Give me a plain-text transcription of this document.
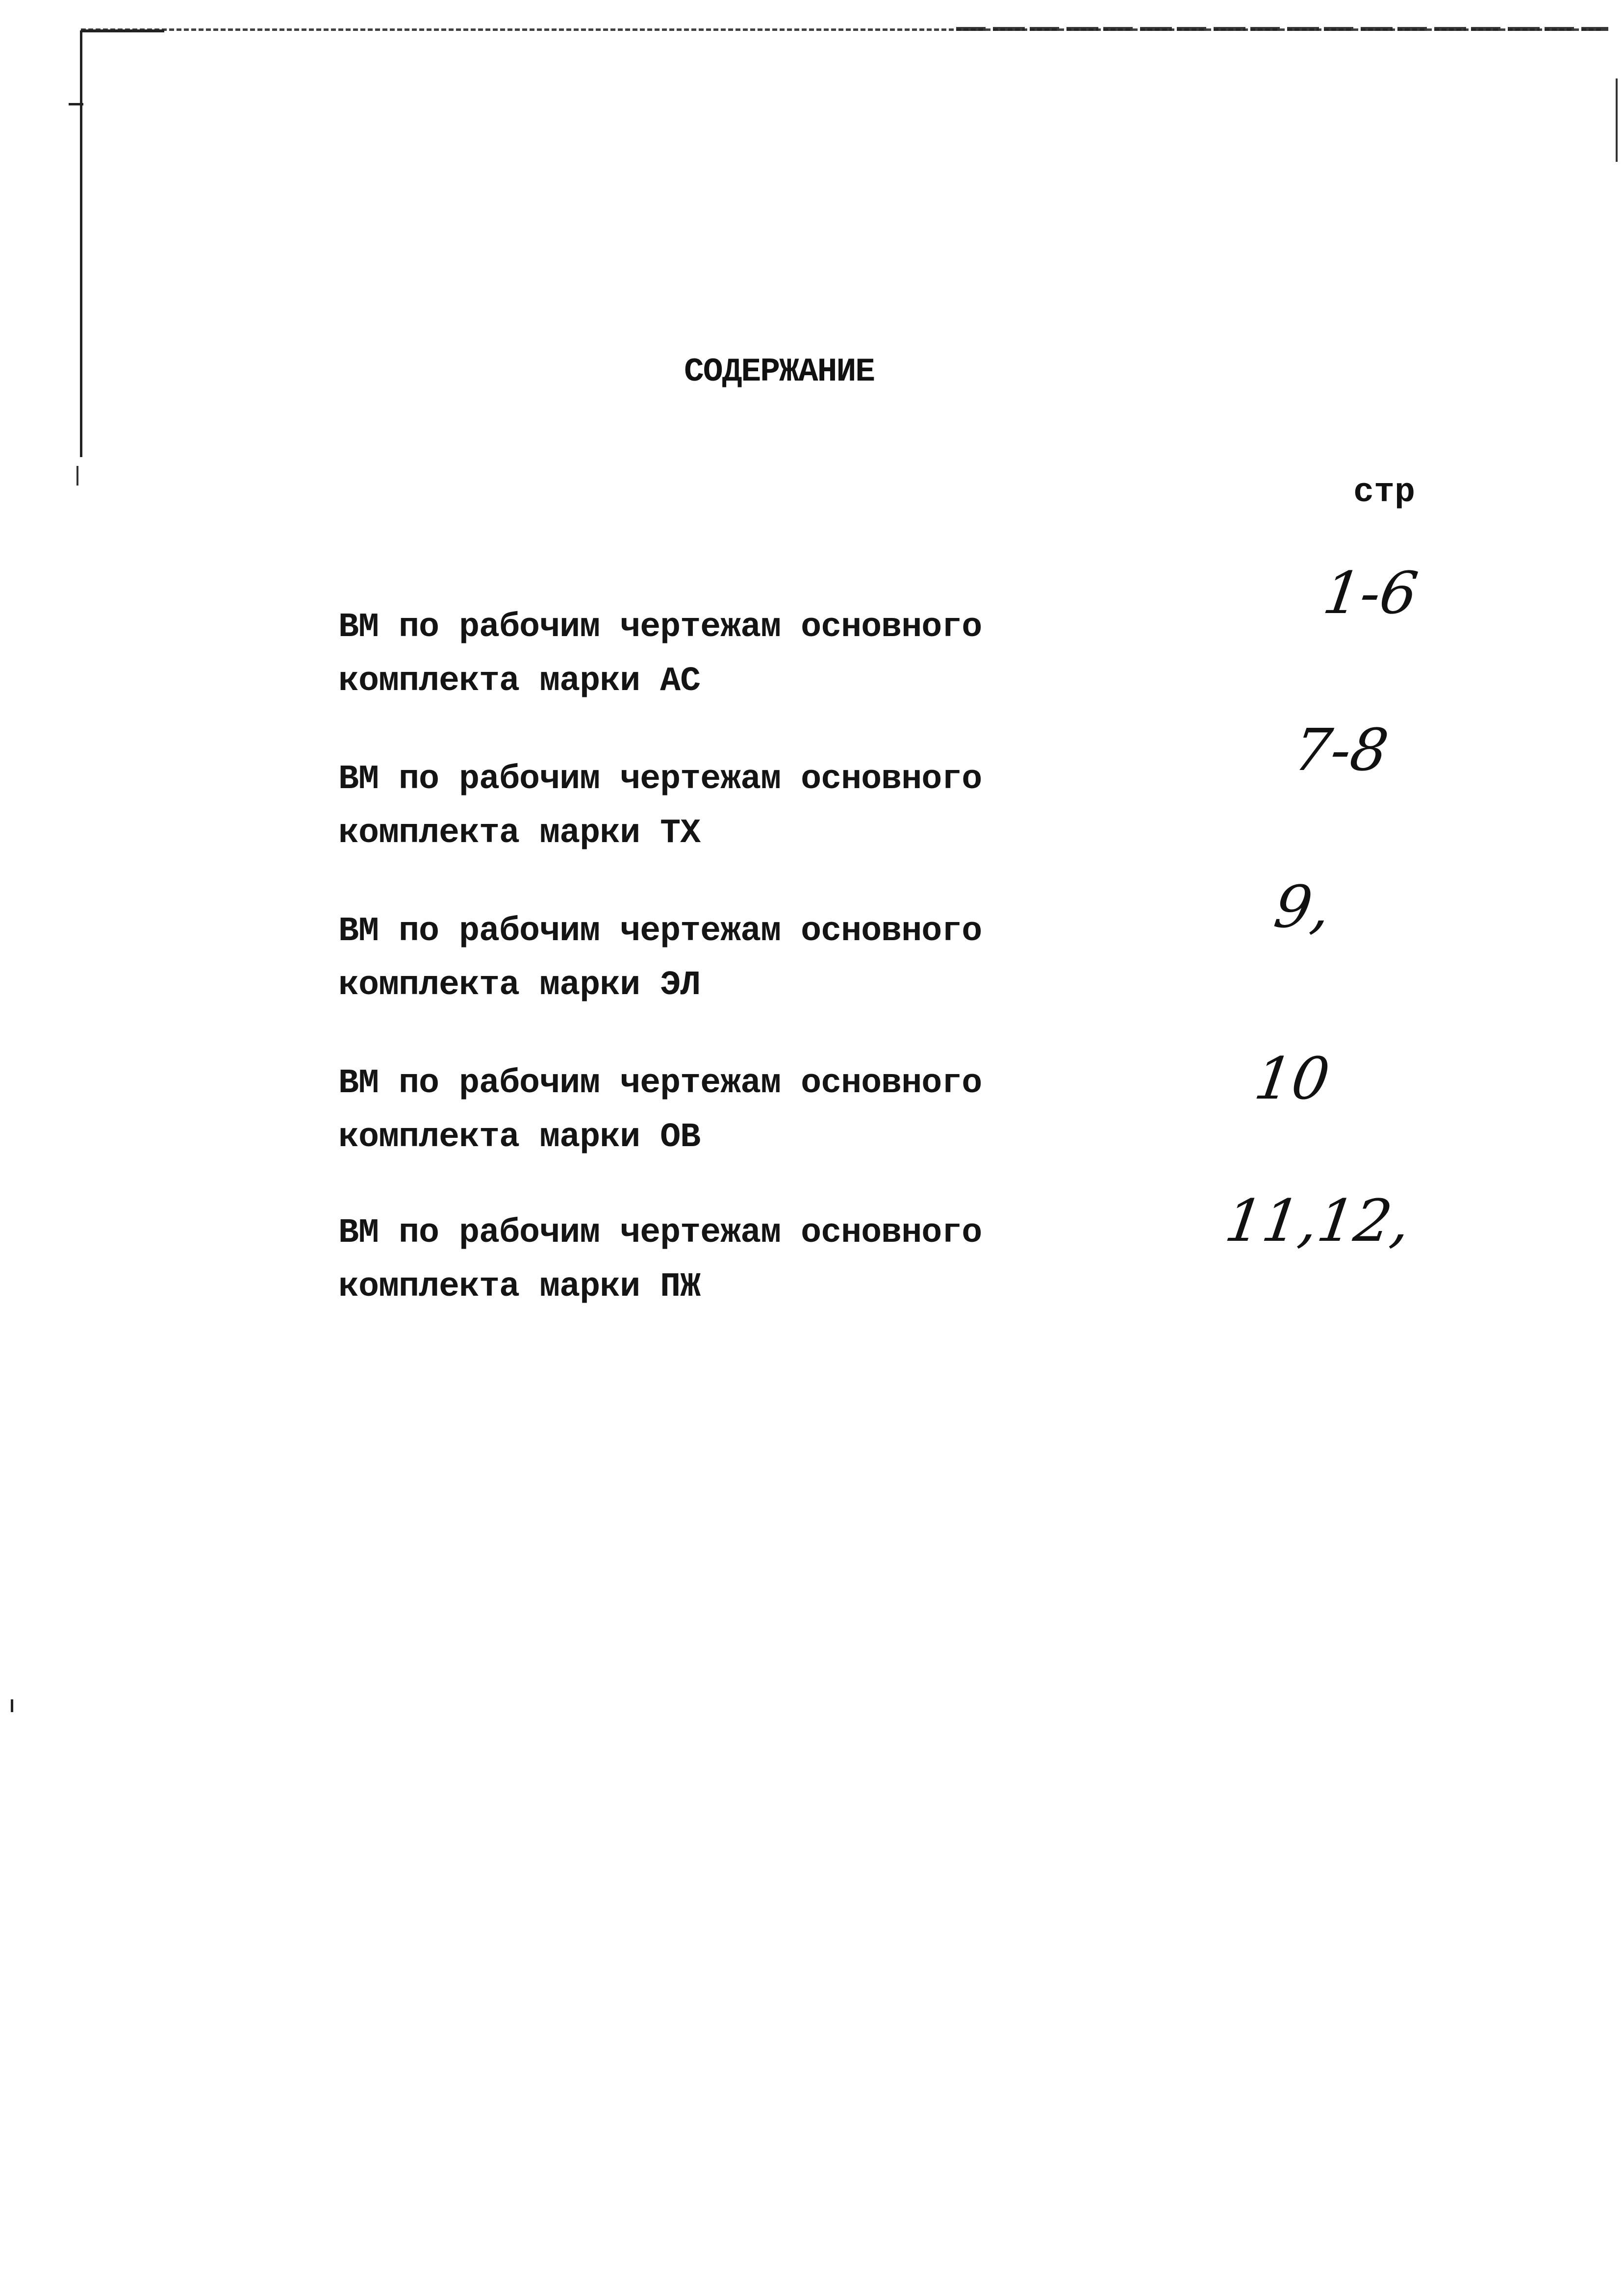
СОДЕРЖАНИЕ
стр
ВМ по рабочим чертежам основного
комплекта марки АС
1-6
ВМ по рабочим чертежам основного
комплекта марки ТХ
7-8
ВМ по рабочим чертежам основного
комплекта марки ЭЛ
9,
ВМ по рабочим чертежам основного
комплекта марки ОВ
10
ВМ по рабочим чертежам основного
комплекта марки ПЖ
11,12,
